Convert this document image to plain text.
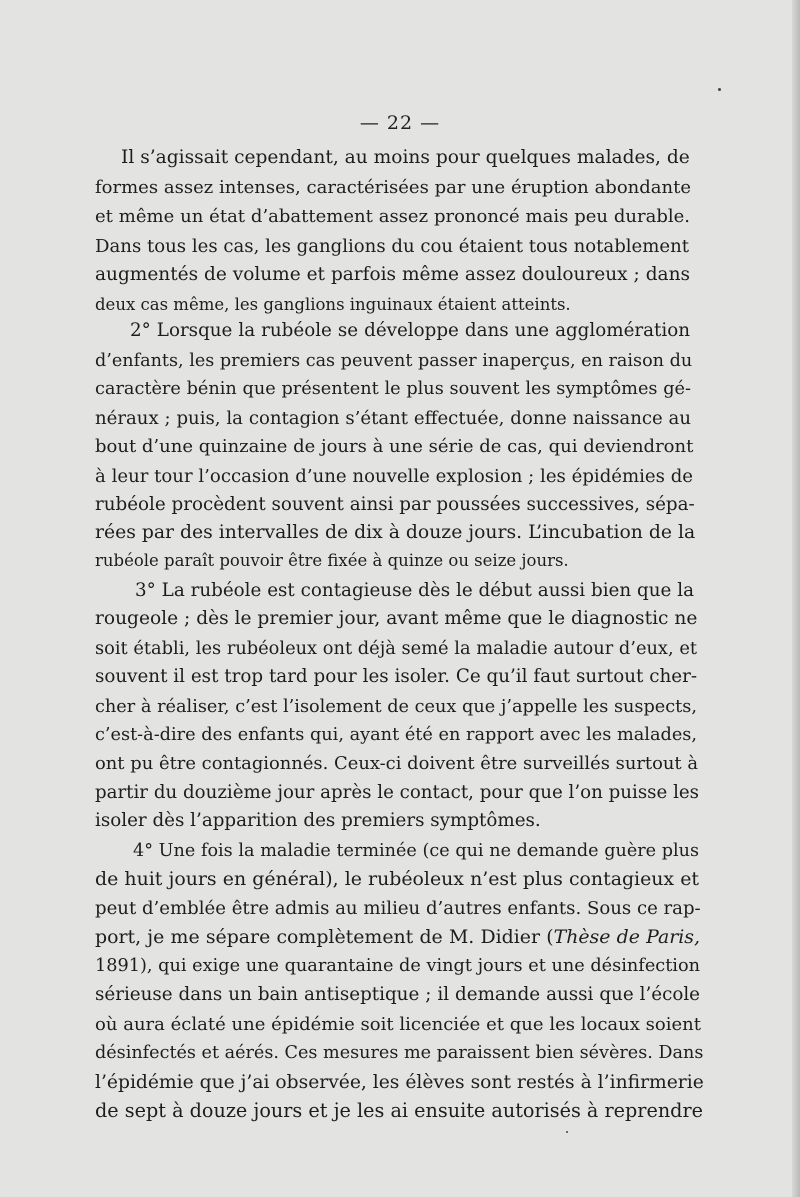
— 22 —

Il s’agissait cependant, au moins pour quelques malades, de

formes assez intenses, caractérisées par une éruption abondante

et même un état d’abattement assez prononcé mais peu durable.

Dans tous les cas, les ganglions du cou étaient tous notablement

augmentés de volume et parfois même assez douloureux ; dans

deux cas même, les ganglions inguinaux étaient atteints.

2° Lorsque la rubéole se développe dans une agglomération

d’enfants, les premiers cas peuvent passer inaperçus, en raison du

caractère bénin que présentent le plus souvent les symptômes gé-

néraux ; puis, la contagion s’étant effectuée, donne naissance au

bout d’une quinzaine de jours à une série de cas, qui deviendront

à leur tour l’occasion d’une nouvelle explosion ; les épidémies de

rubéole procèdent souvent ainsi par poussées successives, sépa-

rées par des intervalles de dix à douze jours. L’incubation de la

rubéole paraît pouvoir être fixée à quinze ou seize jours.

3° La rubéole est contagieuse dès le début aussi bien que la

rougeole ; dès le premier jour, avant même que le diagnostic ne

soit établi, les rubéoleux ont déjà semé la maladie autour d’eux, et

souvent il est trop tard pour les isoler. Ce qu’il faut surtout cher-

cher à réaliser, c’est l’isolement de ceux que j’appelle les suspects,

c’est-à-dire des enfants qui, ayant été en rapport avec les malades,

ont pu être contagionnés. Ceux-ci doivent être surveillés surtout à

partir du douzième jour après le contact, pour que l’on puisse les

isoler dès l’apparition des premiers symptômes.

4° Une fois la maladie terminée (ce qui ne demande guère plus

de huit jours en général), le rubéoleux n’est plus contagieux et

peut d’emblée être admis au milieu d’autres enfants. Sous ce rap-

port, je me sépare complètement de M. Didier (Thèse de Paris,

1891), qui exige une quarantaine de vingt jours et une désinfection

sérieuse dans un bain antiseptique ; il demande aussi que l’école

où aura éclaté une épidémie soit licenciée et que les locaux soient

désinfectés et aérés. Ces mesures me paraissent bien sévères. Dans

l’épidémie que j’ai observée, les élèves sont restés à l’infirmerie

de sept à douze jours et je les ai ensuite autorisés à reprendre
